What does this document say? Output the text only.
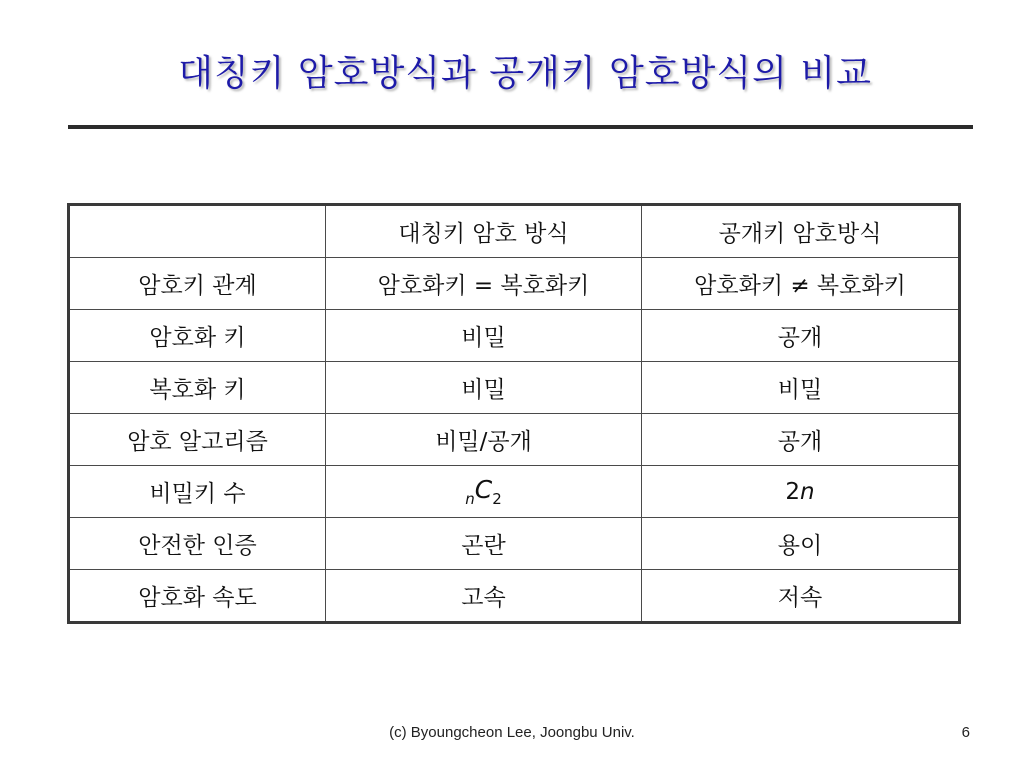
대칭키 암호방식과 공개키 암호방식의 비교
	대칭키 암호 방식	공개키 암호방식
암호키 관계	암호화키 = 복호화키	암호화키 ≠ 복호화키
암호화 키	비밀	공개
복호화 키	비밀	비밀
암호 알고리즘	비밀/공개	공개
비밀키 수	$_nC_2$	2n
안전한 인증	곤란	용이
암호화 속도	고속	저속
(c) Byoungcheon Lee, Joongbu Univ.	6
